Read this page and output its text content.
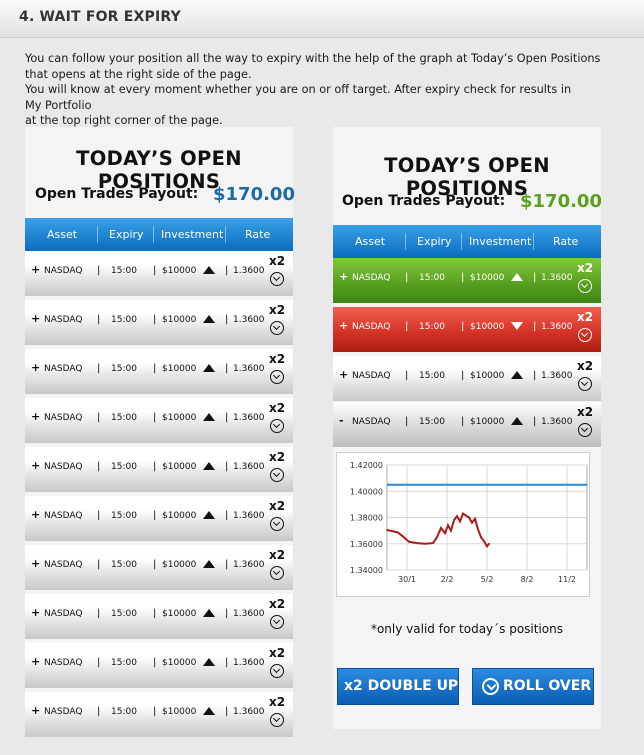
4. WAIT FOR EXPIRY
You can follow your position all the way to expiry with the help of the graph at Today’s Open Positions
that opens at the right side of the page.
You will know at every moment whether you are on or off target. After expiry check for results in
My Portfolio
at the top right corner of the page.
TODAY’S OPEN POSITIONS
Open Trades Payout: $170.00
Asset	Expiry Investment Rate
+ NASDAQ | 15:00 | $10000	| 1.3600
x2
+ NASDAQ | 15:00 | $10000	| 1.3600
x2
+ NASDAQ | 15:00 | $10000	| 1.3600
x2
+ NASDAQ | 15:00 | $10000	| 1.3600
x2
+ NASDAQ | 15:00 | $10000	| 1.3600
x2
+ NASDAQ | 15:00 | $10000	| 1.3600
x2
+ NASDAQ | 15:00 | $10000	| 1.3600
x2
+ NASDAQ | 15:00 | $10000	| 1.3600
x2
+ NASDAQ | 15:00 | $10000	| 1.3600
x2
+ NASDAQ | 15:00 | $10000	| 1.3600
x2
TODAY’S OPEN POSITIONS
Open Trades Payout: $170.00
Asset	Expiry Investment Rate
+ NASDAQ | 15:00 | $10000	| 1.3600
x2
+ NASDAQ | 15:00 | $10000	| 1.3600
x2
+ NASDAQ | 15:00 | $10000	| 1.3600
x2
- NASDAQ | 15:00 | $10000	| 1.3600
x2
1.42000
1.40000
1.38000
1.36000
1.34000
30/1	2/2	5/2	8/2	11/2
*only valid for today´s positions
x2 DOUBLE UP	ROLL OVER
